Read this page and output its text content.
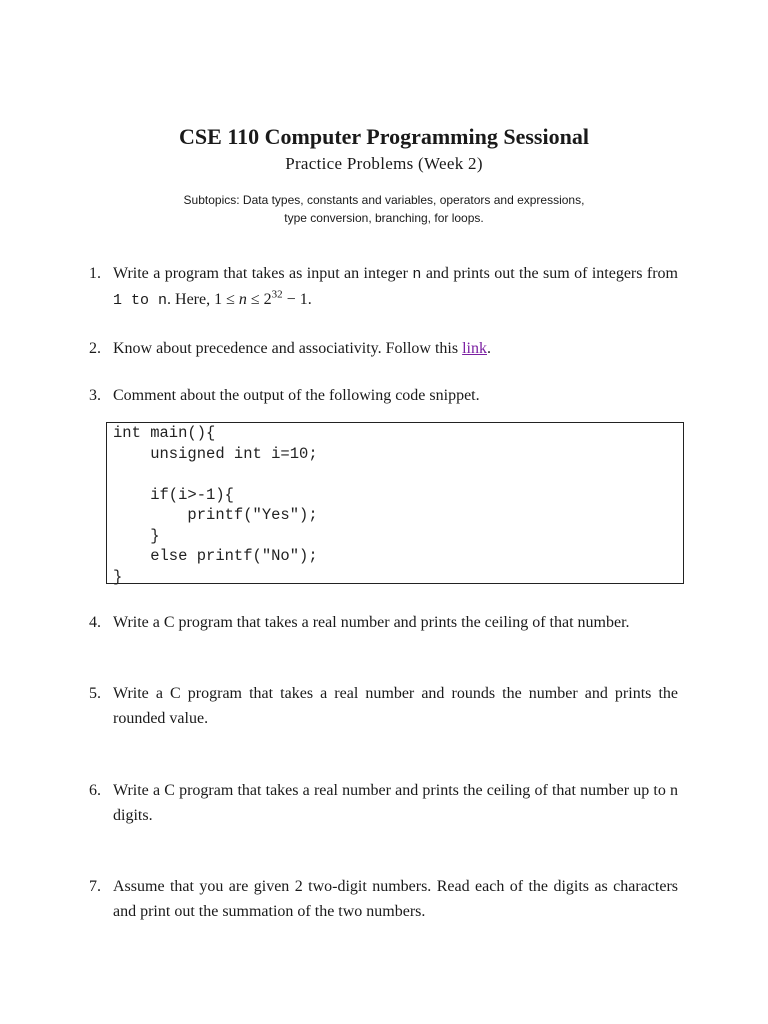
CSE 110 Computer Programming Sessional
Practice Problems (Week 2)
Subtopics: Data types, constants and variables, operators and expressions,
type conversion, branching, for loops.
1. Write a program that takes as input an integer n and prints out the sum of integers from 1 to n. Here, $1 \le n \le 2^{32} - 1$.
2. Know about precedence and associativity. Follow this link.
3. Comment about the output of the following code snippet.
int main(){
unsigned int i=10;
if(i>-1){
printf("Yes");
}
else printf("No");
}
4. Write a C program that takes a real number and prints the ceiling of that number.
5. Write a C program that takes a real number and rounds the number and prints the rounded value.
6. Write a C program that takes a real number and prints the ceiling of that number up to n digits.
7. Assume that you are given 2 two-digit numbers. Read each of the digits as characters and print out the summation of the two numbers.
